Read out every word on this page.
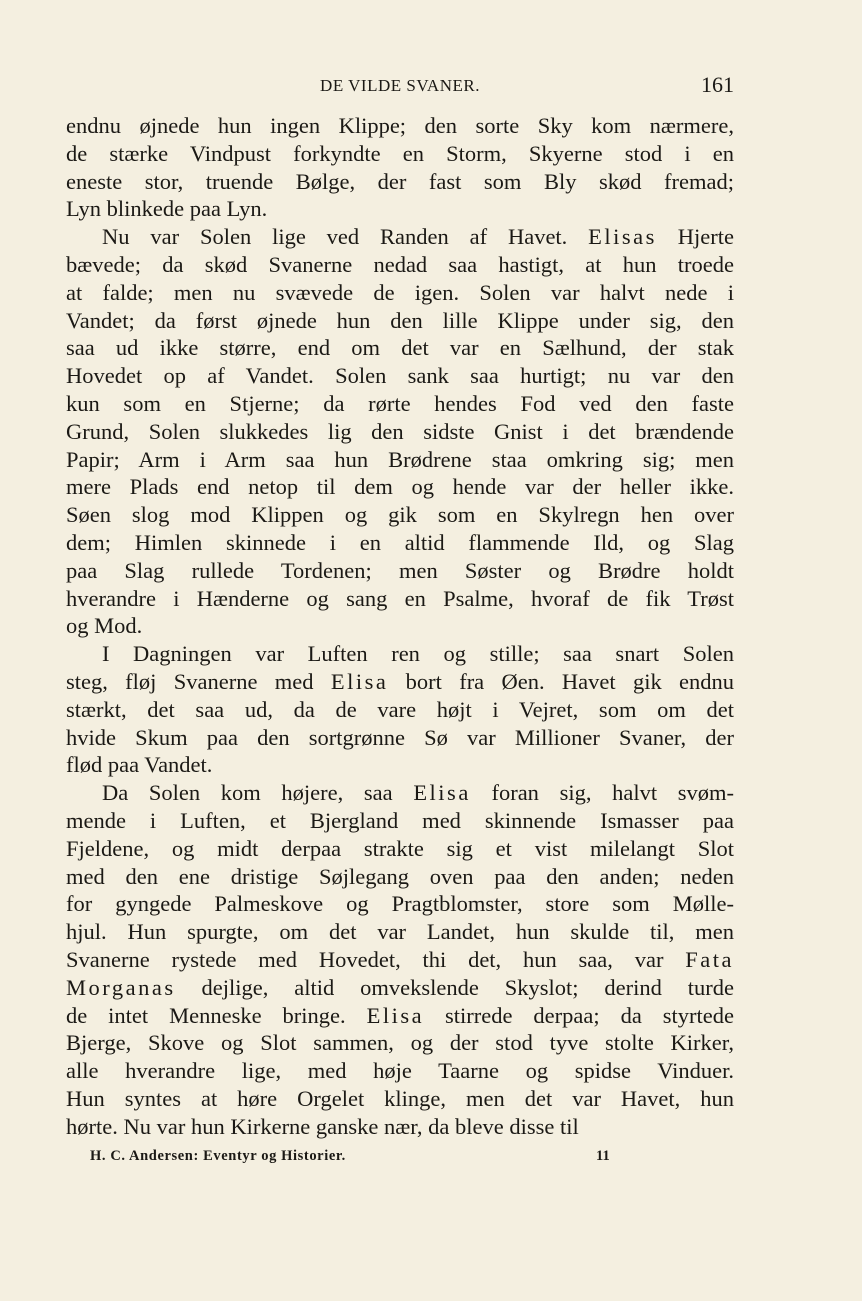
DE VILDE SVANER.	161
endnu øjnede hun ingen Klippe; den sorte Sky kom nærmere,
de stærke Vindpust forkyndte en Storm, Skyerne stod i en
eneste stor, truende Bølge, der fast som Bly skød fremad;
Lyn blinkede paa Lyn.
Nu var Solen lige ved Randen af Havet. Elisas Hjerte
bævede; da skød Svanerne nedad saa hastigt, at hun troede
at falde; men nu svævede de igen. Solen var halvt nede i
Vandet; da først øjnede hun den lille Klippe under sig, den
saa ud ikke større, end om det var en Sælhund, der stak
Hovedet op af Vandet. Solen sank saa hurtigt; nu var den
kun som en Stjerne; da rørte hendes Fod ved den faste
Grund, Solen slukkedes lig den sidste Gnist i det brændende
Papir; Arm i Arm saa hun Brødrene staa omkring sig; men
mere Plads end netop til dem og hende var der heller ikke.
Søen slog mod Klippen og gik som en Skylregn hen over
dem; Himlen skinnede i en altid flammende Ild, og Slag
paa Slag rullede Tordenen; men Søster og Brødre holdt
hverandre i Hænderne og sang en Psalme, hvoraf de fik Trøst
og Mod.
I Dagningen var Luften ren og stille; saa snart Solen
steg, fløj Svanerne med Elisa bort fra Øen. Havet gik endnu
stærkt, det saa ud, da de vare højt i Vejret, som om det
hvide Skum paa den sortgrønne Sø var Millioner Svaner, der
flød paa Vandet.
Da Solen kom højere, saa Elisa foran sig, halvt svøm-
mende i Luften, et Bjergland med skinnende Ismasser paa
Fjeldene, og midt derpaa strakte sig et vist milelangt Slot
med den ene dristige Søjlegang oven paa den anden; neden
for gyngede Palmeskove og Pragtblomster, store som Mølle-
hjul. Hun spurgte, om det var Landet, hun skulde til, men
Svanerne rystede med Hovedet, thi det, hun saa, var Fata
Morganas dejlige, altid omvekslende Skyslot; derind turde
de intet Menneske bringe. Elisa stirrede derpaa; da styrtede
Bjerge, Skove og Slot sammen, og der stod tyve stolte Kirker,
alle hverandre lige, med høje Taarne og spidse Vinduer.
Hun syntes at høre Orgelet klinge, men det var Havet, hun
hørte. Nu var hun Kirkerne ganske nær, da bleve disse til
H. C. Andersen: Eventyr og Historier.	11
